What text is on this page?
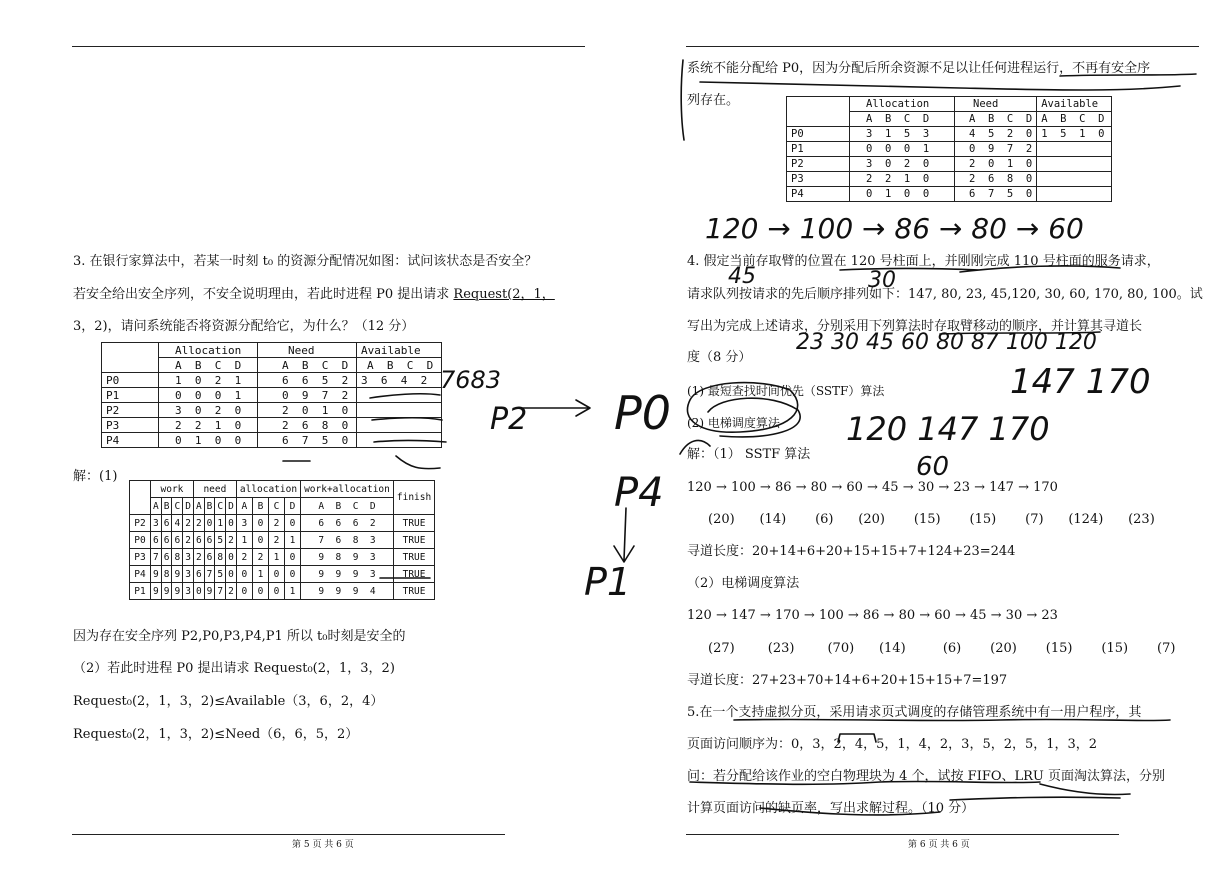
3. 在银行家算法中，若某一时刻 t₀ 的资源分配情况如图：试问该状态是否安全？
若安全给出安全序列，不安全说明理由，若此时进程 P0 提出请求 Request(2，1，
3，2)，请问系统能否将资源分配给它，为什么？（12 分）
	Allocation	Need	Available
	A  B  C  D	A  B  C  D	A  B  C  D
P0	1  0  2  1	6  6  5  2	3  6  4  2
P1	0  0  0  1	0  9  7  2	
P2	3  0  2  0	2  0  1  0	
P3	2  2  1  0	2  6  8  0	
P4	0  1  0  0	6  7  5  0	
解：(1)
	work				need				allocation				work+allocation	finish
	A	B	C	D	A	B	C	D	A	B	C	D	A  B  C  D	
P2	3	6	4	2	2	0	1	0	3	0	2	0	6  6  6  2	TRUE
P0	6	6	6	2	6	6	5	2	1	0	2	1	7  6  8  3	TRUE
P3	7	6	8	3	2	6	8	0	2	2	1	0	9  8  9  3	TRUE
P4	9	8	9	3	6	7	5	0	0	1	0	0	9  9  9  3	TRUE
P1	9	9	9	3	0	9	7	2	0	0	0	1	9  9  9  4	TRUE
因为存在安全序列 P2,P0,P3,P4,P1 所以 t₀时刻是安全的
（2）若此时进程 P0 提出请求 Request₀(2，1，3，2)
Request₀(2，1，3，2)≤Available（3，6，2，4）
Request₀(2，1，3，2)≤Need（6，6，5，2）
第 5 页 共 6 页
系统不能分配给 P0，因为分配后所余资源不足以让任何进程运行，不再有安全序
列存在。
		Allocation	Need	Available
	A  B  C  D	A  B  C  D	A  B  C  D
P0	3  1  5  3	4  5  2  0	1  5  1  0
P1	0  0  0  1	0  9  7  2	
P2	3  0  2  0	2  0  1  0	
P3	2  2  1  0	2  6  8  0	
P4	0  1  0  0	6  7  5  0	
4. 假定当前存取臂的位置在 120 号柱面上，并刚刚完成 110 号柱面的服务请求，
请求队列按请求的先后顺序排列如下：147, 80, 23, 45,120, 30, 60, 170, 80, 100。试
写出为完成上述请求，分别采用下列算法时存取臂移动的顺序，并计算其寻道长
度（8 分）
(1) 最短查找时间优先（SSTF）算法
(2) 电梯调度算法
解：（1） SSTF 算法
120 → 100 → 86 → 80 → 60 → 45 → 30 → 23 → 147 → 170
(20)      (14)       (6)      (20)       (15)       (15)       (7)      (124)      (23)
寻道长度：20+14+6+20+15+15+7+124+23=244
（2）电梯调度算法
120 → 147 → 170 → 100 → 86 → 80 → 60 → 45 → 30 → 23
(27)        (23)        (70)      (14)         (6)       (20)       (15)       (15)       (7)
寻道长度：27+23+70+14+6+20+15+15+7=197
5.在一个支持虚拟分页，采用请求页式调度的存储管理系统中有一用户程序，其
页面访问顺序为：0，3，2，4，5，1，4，2，3，5，2，5，1，3，2
问：若分配给该作业的空白物理块为 4 个，试按 FIFO、LRU 页面淘汰算法，分别
计算页面访问的缺页率，写出求解过程。（10 分）
第 6 页 共 6 页
7683
P2 P0
P4
P1
120 → 100 → 86 → 80 → 60
45	30
23 30 45 60 80 87 100 120
147 170
120 147 170
60
